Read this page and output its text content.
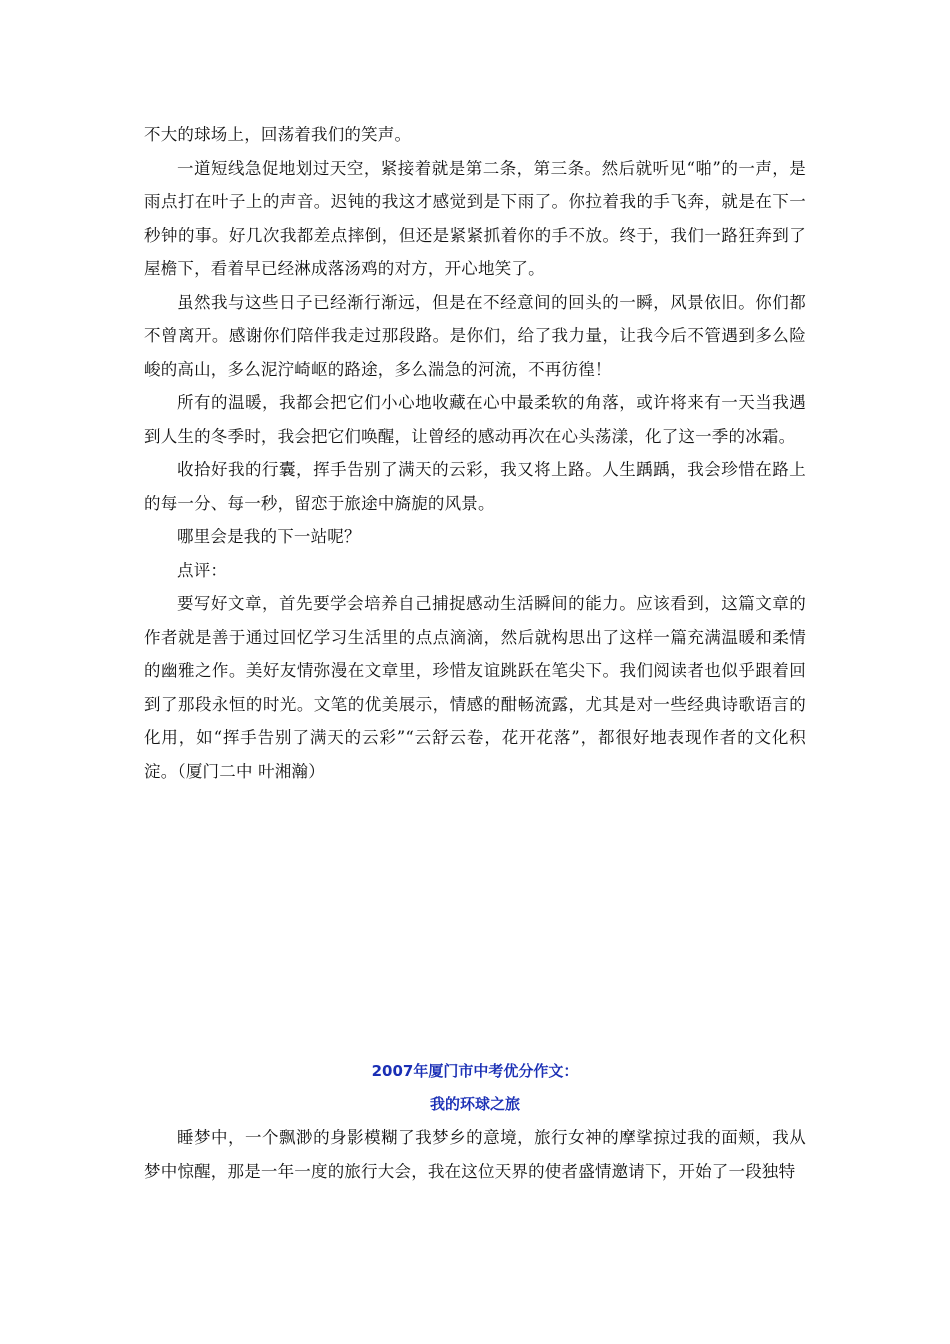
不大的球场上，回荡着我们的笑声。

一道短线急促地划过天空，紧接着就是第二条，第三条。然后就听见“啪”的一声，是雨点打在叶子上的声音。迟钝的我这才感觉到是下雨了。你拉着我的手飞奔，就是在下一秒钟的事。好几次我都差点摔倒，但还是紧紧抓着你的手不放。终于，我们一路狂奔到了屋檐下，看着早已经淋成落汤鸡的对方，开心地笑了。

虽然我与这些日子已经渐行渐远，但是在不经意间的回头的一瞬，风景依旧。你们都不曾离开。感谢你们陪伴我走过那段路。是你们，给了我力量，让我今后不管遇到多么险峻的高山，多么泥泞崎岖的路途，多么湍急的河流，不再彷徨！

所有的温暖，我都会把它们小心地收藏在心中最柔软的角落，或许将来有一天当我遇到人生的冬季时，我会把它们唤醒，让曾经的感动再次在心头荡漾，化了这一季的冰霜。

收拾好我的行囊，挥手告别了满天的云彩，我又将上路。人生踽踽，我会珍惜在路上的每一分、每一秒，留恋于旅途中旖旎的风景。

哪里会是我的下一站呢？

点评：

要写好文章，首先要学会培养自己捕捉感动生活瞬间的能力。应该看到，这篇文章的作者就是善于通过回忆学习生活里的点点滴滴，然后就构思出了这样一篇充满温暖和柔情的幽雅之作。美好友情弥漫在文章里，珍惜友谊跳跃在笔尖下。我们阅读者也似乎跟着回到了那段永恒的时光。文笔的优美展示，情感的酣畅流露，尤其是对一些经典诗歌语言的化用，如“挥手告别了满天的云彩”“云舒云卷，花开花落”，都很好地表现作者的文化积淀。（厦门二中 叶湘瀚）

2007年厦门市中考优分作文：

我的环球之旅

睡梦中，一个飘渺的身影模糊了我梦乡的意境，旅行女神的摩挲掠过我的面颊，我从梦中惊醒，那是一年一度的旅行大会，我在这位天界的使者盛情邀请下，开始了一段独特
